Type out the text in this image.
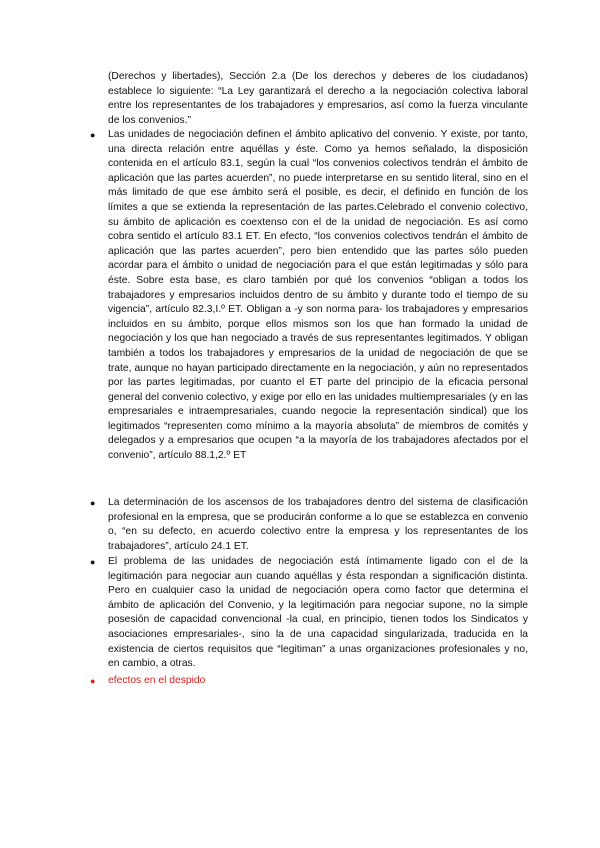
(Derechos y libertades), Sección 2.a (De los derechos y deberes de los ciudadanos) establece lo siguiente: “La Ley garantizará el derecho a la negociación colectiva laboral entre los representantes de los trabajadores y empresarios, así como la fuerza vinculante de los convenios.”
● Las unidades de negociación definen el ámbito aplicativo del convenio. Y existe, por tanto, una directa relación entre aquéllas y éste. Como ya hemos señalado, la disposición contenida en el artículo 83.1, según la cual “los convenios colectivos tendrán el ámbito de aplicación que las partes acuerden”, no puede interpretarse en su sentido literal, sino en el más limitado de que ese ámbito será el posible, es decir, el definido en función de los límites a que se extienda la representación de las partes.Celebrado el convenio colectivo, su ámbito de aplicación es coextenso con el de la unidad de negociación. Es así como cobra sentido el artículo 83.1 ET. En efecto, “los convenios colectivos tendrán el ámbito de aplicación que las partes acuerden”, pero bien entendido que las partes sólo pueden acordar para el ámbito o unidad de negociación para el que están legitimadas y sólo para éste. Sobre esta base, es claro también por qué los convenios “obligan a todos los trabajadores y empresarios incluidos dentro de su ámbito y durante todo el tiempo de su vigencia”, artículo 82.3,I.º ET. Obligan a -y son norma para- los trabajadores y empresarios incluidos en su ámbito, porque ellos mismos son los que han formado la unidad de negociación y los que han negociado a través de sus representantes legitimados. Y obligan también a todos los trabajadores y empresarios de la unidad de negociación de que se trate, aunque no hayan participado directamente en la negociación, y aún no representados por las partes legitimadas, por cuanto el ET parte del principio de la eficacia personal general del convenio colectivo, y exige por ello en las unidades multiempresariales (y en las empresariales e intraempresariales, cuando negocie la representación sindical) que los legitimados “representen como mínimo a la mayoría absoluta” de miembros de comités y delegados y a empresarios que ocupen “a la mayoría de los trabajadores afectados por el convenio”, artículo 88.1,2.º ET
● La determinación de los ascensos de los trabajadores dentro del sistema de clasificación profesional en la empresa, que se producirán conforme a lo que se establezca en convenio o, “en su defecto, en acuerdo colectivo entre la empresa y los representantes de los trabajadores”, artículo 24.1 ET.
● El problema de las unidades de negociación está íntimamente ligado con el de la legitimación para negociar aun cuando aquéllas y ésta respondan a significación distinta. Pero en cualquier caso la unidad de negociación opera como factor que determina el ámbito de aplicación del Convenio, y la legitimación para negociar supone, no la simple posesión de capacidad convencional -la cual, en principio, tienen todos los Sindicatos y asociaciones empresariales-, sino la de una capacidad singularizada, traducida en la existencia de ciertos requisitos que “legitiman” a unas organizaciones profesionales y no, en cambio, a otras.
● efectos en el despido
